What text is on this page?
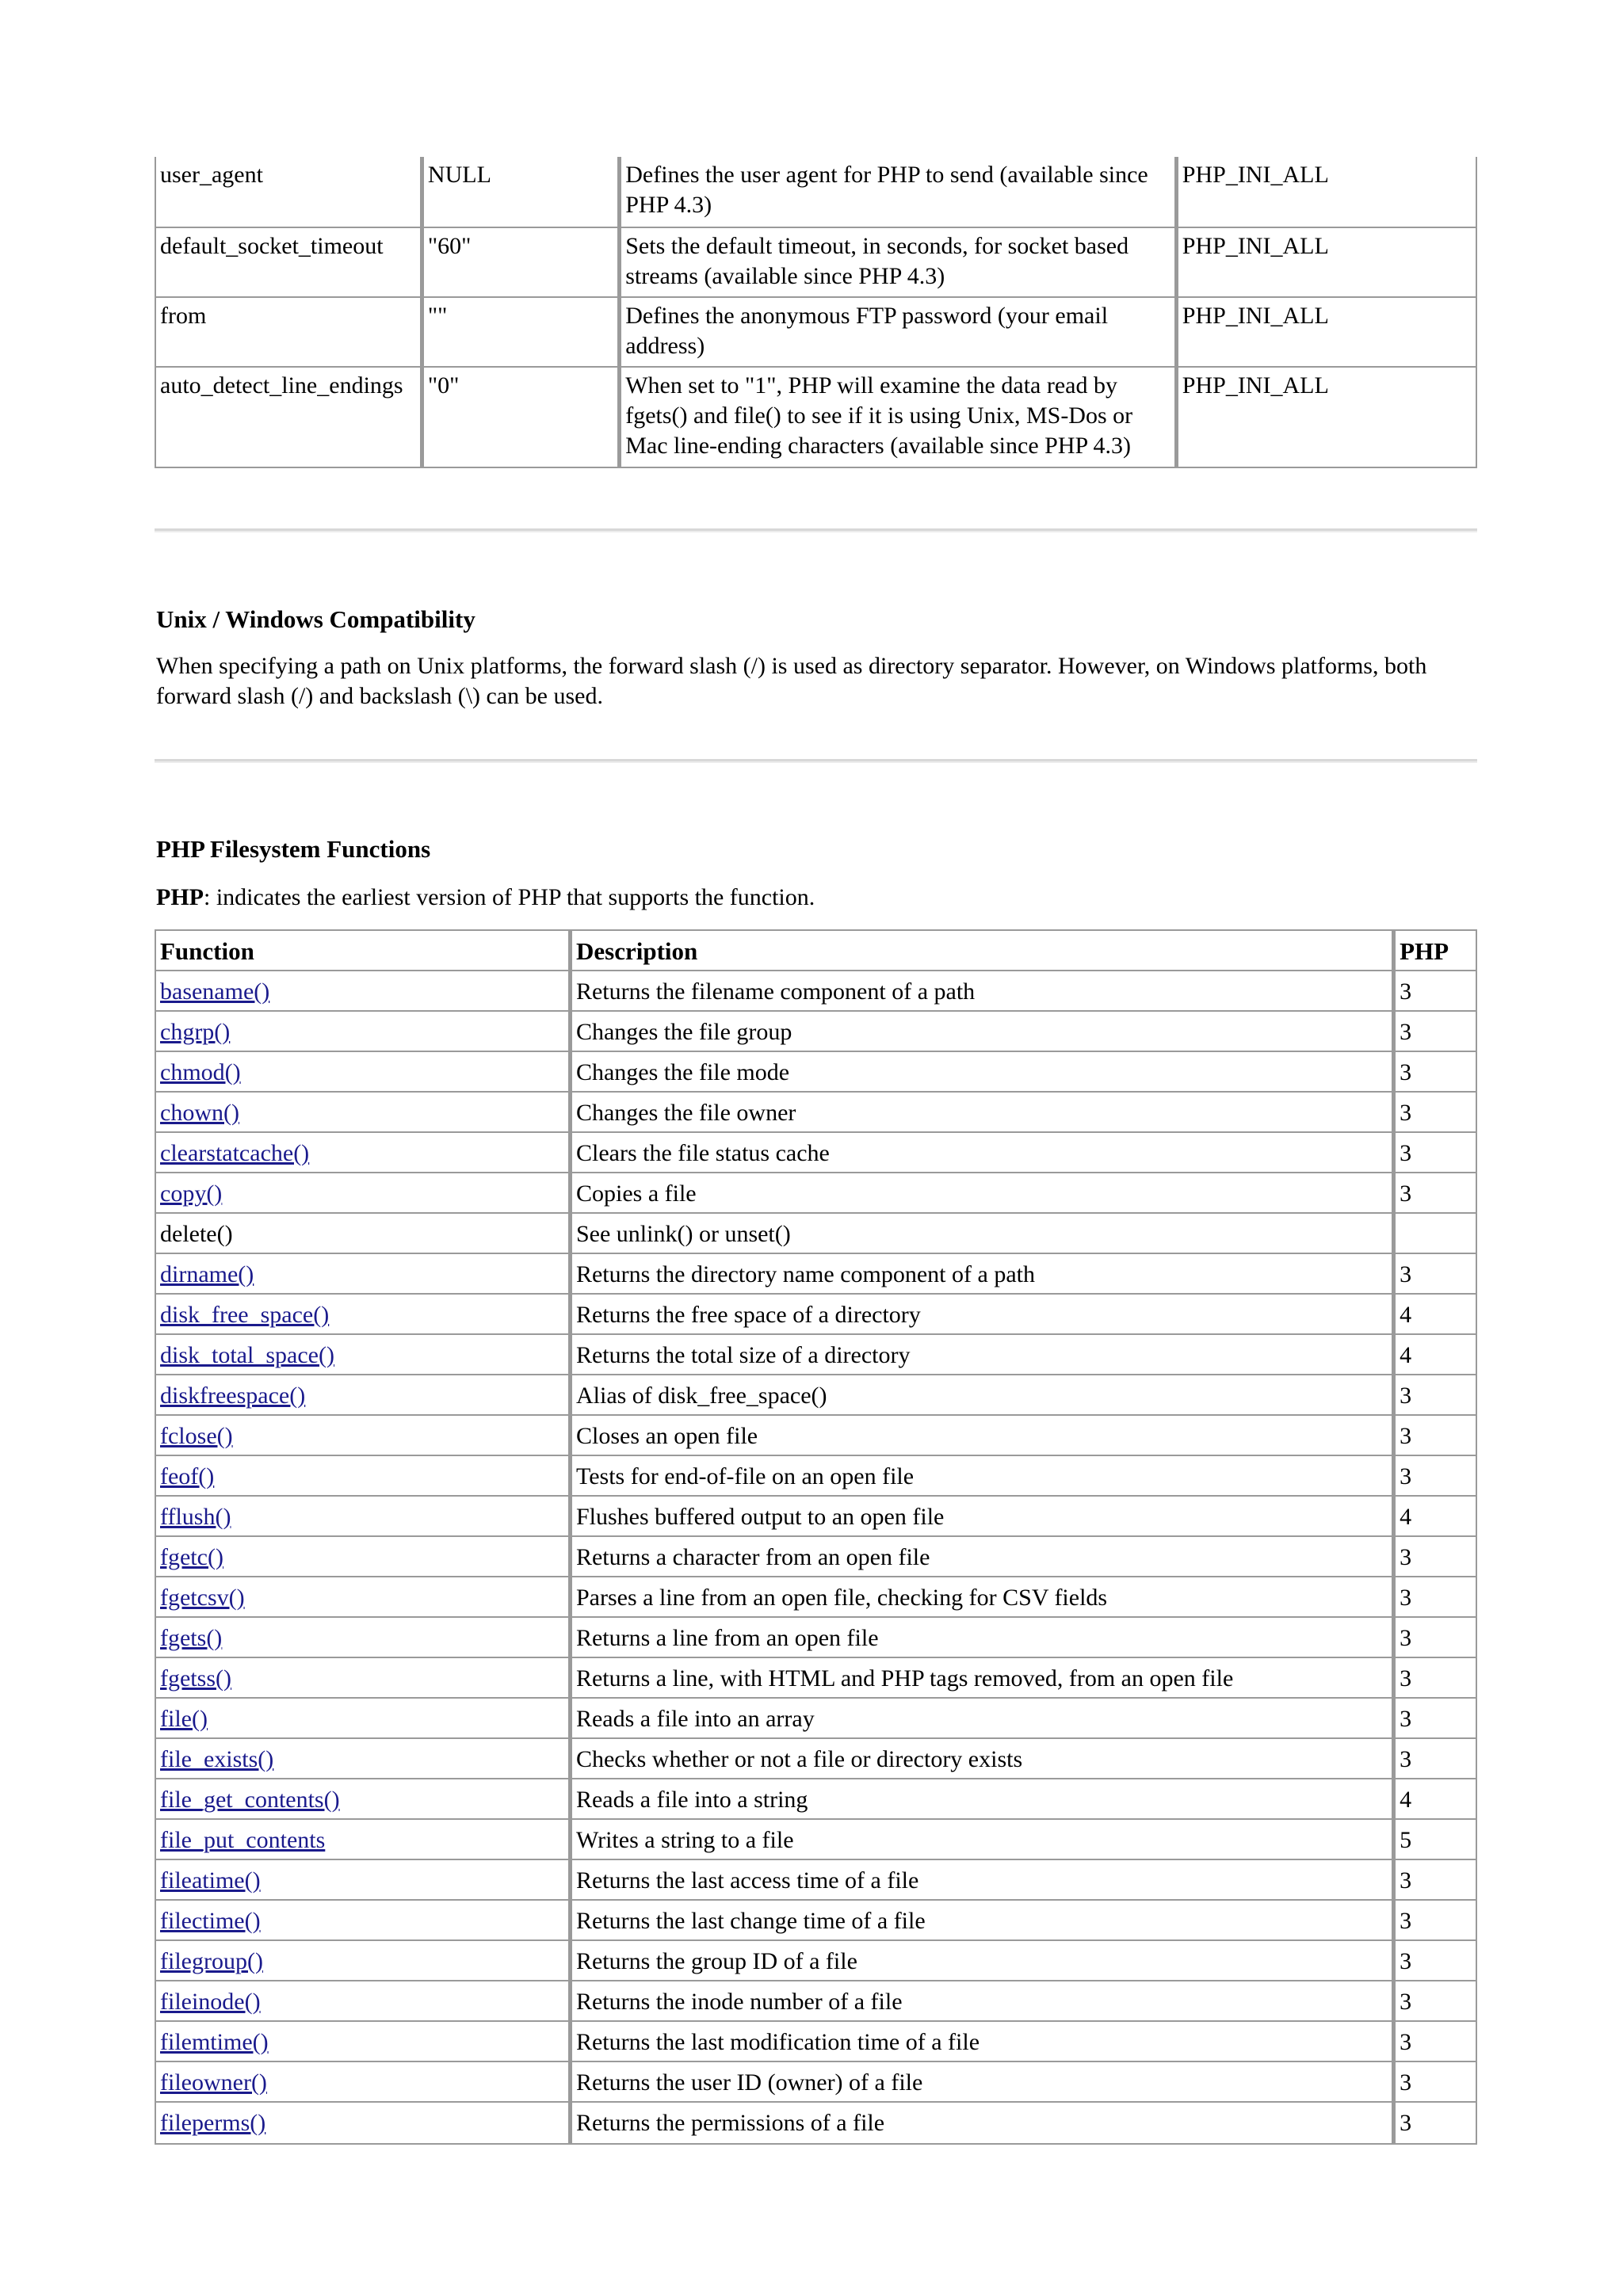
user_agent	NULL	Defines the user agent for PHP to send (available since PHP 4.3)	PHP_INI_ALL
default_socket_timeout	"60"	Sets the default timeout, in seconds, for socket based streams (available since PHP 4.3)	PHP_INI_ALL
from	""	Defines the anonymous FTP password (your email address)	PHP_INI_ALL
auto_detect_line_endings	"0"	When set to "1", PHP will examine the data read by fgets() and file() to see if it is using Unix, MS-Dos or Mac line-ending characters (available since PHP 4.3)	PHP_INI_ALL
Unix / Windows Compatibility
When specifying a path on Unix platforms, the forward slash (/) is used as directory separator. However, on Windows platforms, both forward slash (/) and backslash (\) can be used.
PHP Filesystem Functions
PHP: indicates the earliest version of PHP that supports the function.
Function	Description	PHP
basename()	Returns the filename component of a path	3
chgrp()	Changes the file group	3
chmod()	Changes the file mode	3
chown()	Changes the file owner	3
clearstatcache()	Clears the file status cache	3
copy()	Copies a file	3
delete()	See unlink() or unset()	
dirname()	Returns the directory name component of a path	3
disk_free_space()	Returns the free space of a directory	4
disk_total_space()	Returns the total size of a directory	4
diskfreespace()	Alias of disk_free_space()	3
fclose()	Closes an open file	3
feof()	Tests for end-of-file on an open file	3
fflush()	Flushes buffered output to an open file	4
fgetc()	Returns a character from an open file	3
fgetcsv()	Parses a line from an open file, checking for CSV fields	3
fgets()	Returns a line from an open file	3
fgetss()	Returns a line, with HTML and PHP tags removed, from an open file	3
file()	Reads a file into an array	3
file_exists()	Checks whether or not a file or directory exists	3
file_get_contents()	Reads a file into a string	4
file_put_contents	Writes a string to a file	5
fileatime()	Returns the last access time of a file	3
filectime()	Returns the last change time of a file	3
filegroup()	Returns the group ID of a file	3
fileinode()	Returns the inode number of a file	3
filemtime()	Returns the last modification time of a file	3
fileowner()	Returns the user ID (owner) of a file	3
fileperms()	Returns the permissions of a file	3
